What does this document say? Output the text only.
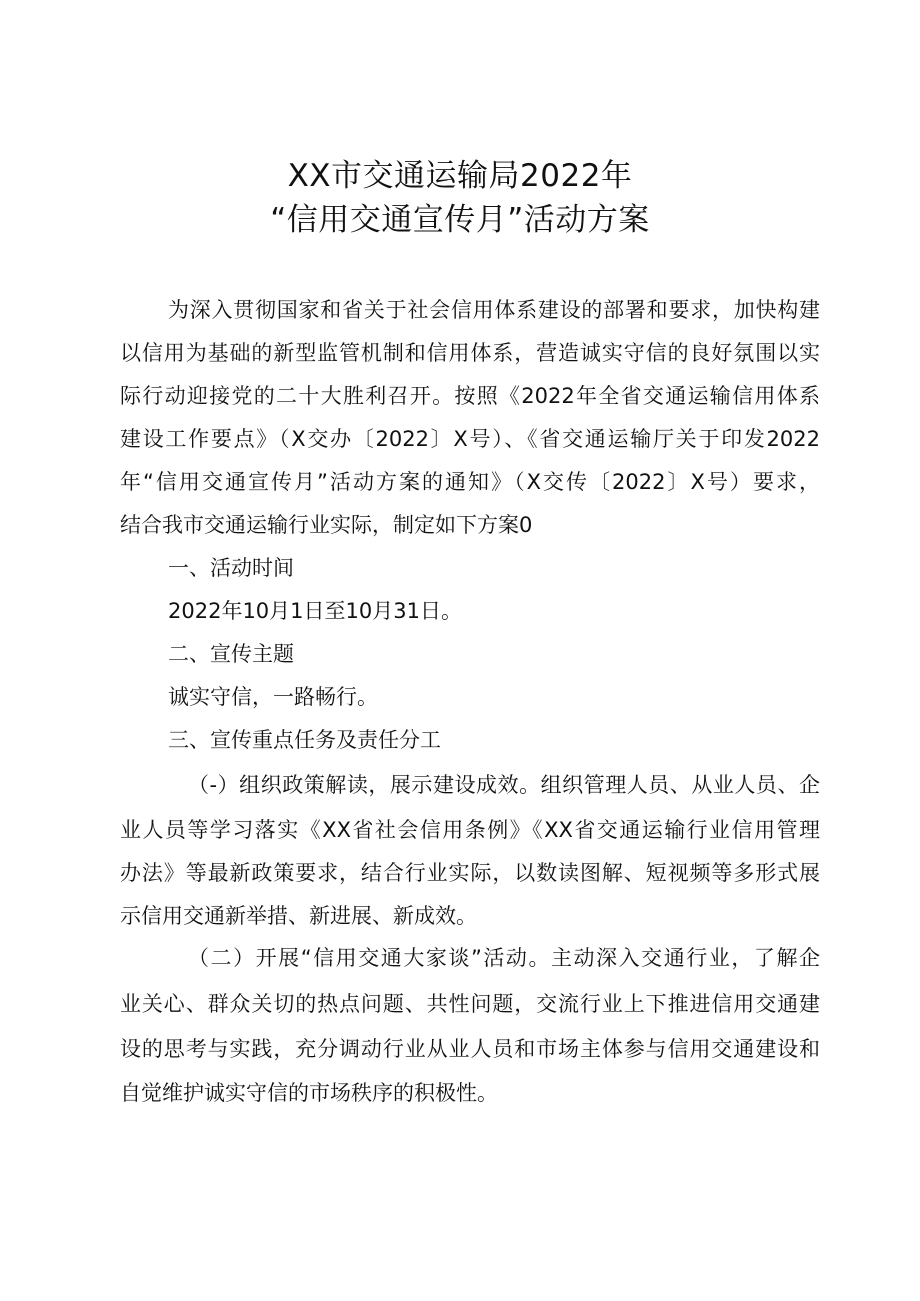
XX市交通运输局2022年
“信用交通宣传月”活动方案
为深入贯彻国家和省关于社会信用体系建设的部署和要求，加快构建
以信用为基础的新型监管机制和信用体系，营造诚实守信的良好氛围以实
际行动迎接党的二十大胜利召开。按照《2022年全省交通运输信用体系
建设工作要点》（X交办〔2022〕X号）、《省交通运输厅关于印发2022
年“信用交通宣传月”活动方案的通知》（X交传〔2022〕X号）要求，
结合我市交通运输行业实际，制定如下方案0
一、活动时间
2022年10月1日至10月31日。
二、宣传主题
诚实守信，一路畅行。
三、宣传重点任务及责任分工
（-）组织政策解读，展示建设成效。组织管理人员、从业人员、企
业人员等学习落实《XX省社会信用条例》《XX省交通运输行业信用管理
办法》等最新政策要求，结合行业实际，以数读图解、短视频等多形式展
示信用交通新举措、新进展、新成效。
（二）开展“信用交通大家谈”活动。主动深入交通行业，了解企
业关心、群众关切的热点问题、共性问题，交流行业上下推进信用交通建
设的思考与实践，充分调动行业从业人员和市场主体参与信用交通建设和
自觉维护诚实守信的市场秩序的积极性。
